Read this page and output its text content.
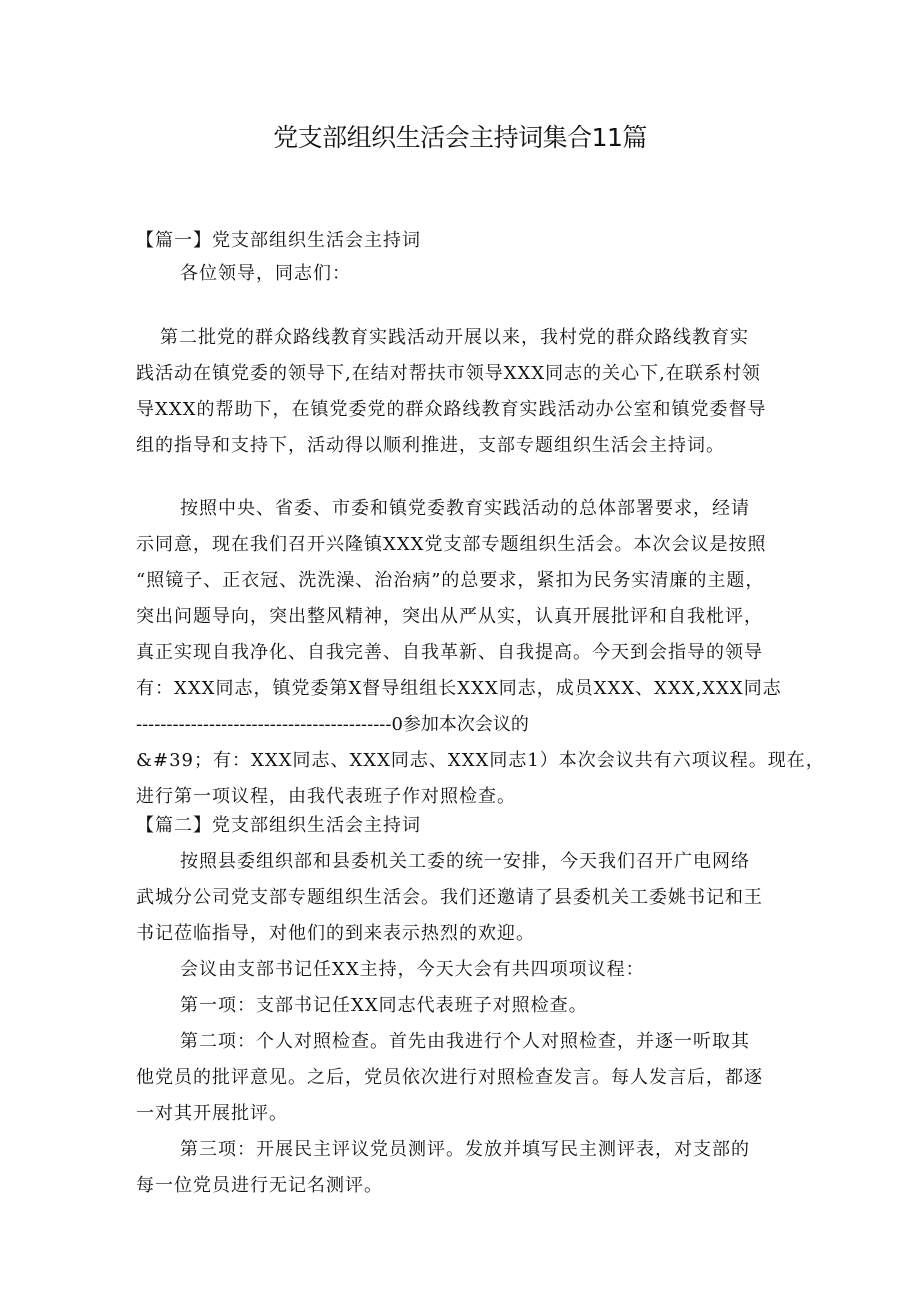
党支部组织生活会主持词集合11篇
【篇一】党支部组织生活会主持词
各位领导，同志们：
第二批党的群众路线教育实践活动开展以来，我村党的群众路线教育实
践活动在镇党委的领导下,在结对帮扶市领导XXX同志的关心下,在联系村领
导XXX的帮助下，在镇党委党的群众路线教育实践活动办公室和镇党委督导
组的指导和支持下，活动得以顺利推进，支部专题组织生活会主持词。
按照中央、省委、市委和镇党委教育实践活动的总体部署要求，经请
示同意，现在我们召开兴隆镇XXX党支部专题组织生活会。本次会议是按照
“照镜子、正衣冠、洗洗澡、治治病”的总要求，紧扣为民务实清廉的主题，
突出问题导向，突出整风精神，突出从严从实，认真开展批评和自我枇评，
真正实现自我净化、自我完善、自我革新、自我提高。今天到会指导的领导
有：XXX同志，镇党委第X督导组组长XXX同志，成员XXX、XXX,XXX同志
------------------------------------------0参加本次会议的
&#39；有：XXX同志、XXX同志、XXX同志1）本次会议共有六项议程。现在，
进行第一项议程，由我代表班子作对照检查。
【篇二】党支部组织生活会主持词
按照县委组织部和县委机关工委的统一安排，今天我们召开广电网络
武城分公司党支部专题组织生活会。我们还邀请了县委机关工委姚书记和王
书记莅临指导，对他们的到来表示热烈的欢迎。
会议由支部书记任XX主持，今天大会有共四项项议程：
第一项：支部书记任XX同志代表班子对照检查。
第二项：个人对照检查。首先由我进行个人对照检查，并逐一听取其
他党员的批评意见。之后，党员依次进行对照检查发言。每人发言后，都逐
一对其开展批评。
第三项：开展民主评议党员测评。发放并填写民主测评表，对支部的
每一位党员进行无记名测评。
